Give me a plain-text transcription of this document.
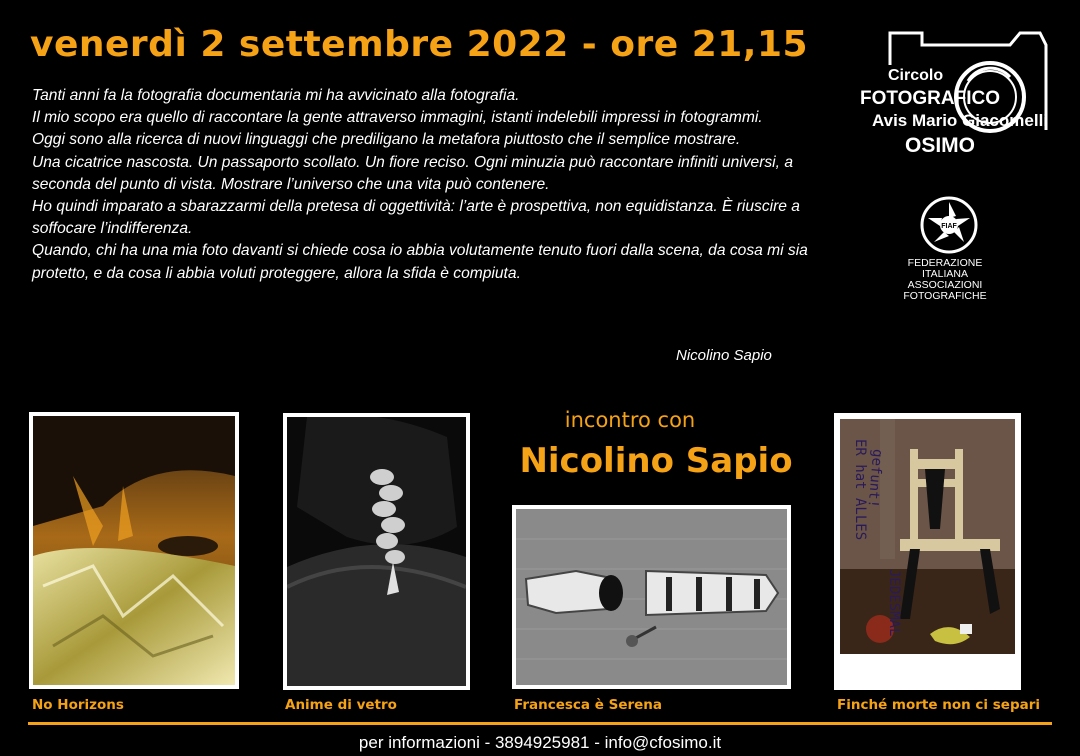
venerdì 2 settembre 2022 - ore 21,15

Tanti anni fa la fotografia documentaria mi ha avvicinato alla fotografia.

Il mio scopo era quello di raccontare la gente attraverso immagini, istanti indelebili impressi in fotogrammi.

Oggi sono alla ricerca di nuovi linguaggi che prediligano la metafora piuttosto che il semplice mostrare.

Una cicatrice nascosta. Un passaporto scollato. Un fiore reciso. Ogni minuzia può raccontare infiniti universi, a seconda del punto di vista. Mostrare l’universo che una vita può contenere.

Ho quindi imparato a sbarazzarmi della pretesa di oggettività: l’arte è prospettiva, non equidistanza. È riuscire a soffocare l’indifferenza.

Quando, chi ha una mia foto davanti si chiede cosa io abbia volutamente tenuto fuori dalla scena, da cosa mi sia protetto, e da cosa li abbia voluti proteggere, allora la sfida è compiuta.

Nicolino Sapio
Circolo
FOTOGRAFICO
Avis Mario Giacomelli
OSIMO
FIAF
FEDERAZIONE
ITALIANA
ASSOCIAZIONI
FOTOGRAFICHE
incontro con
Nicolino Sapio
No Horizons	Anime di vetro	Francesca è Serena
ER hat ALLES
gefunt!
JEDESMAL
Finché morte non ci separi
per informazioni - 3894925981 - info@cfosimo.it
